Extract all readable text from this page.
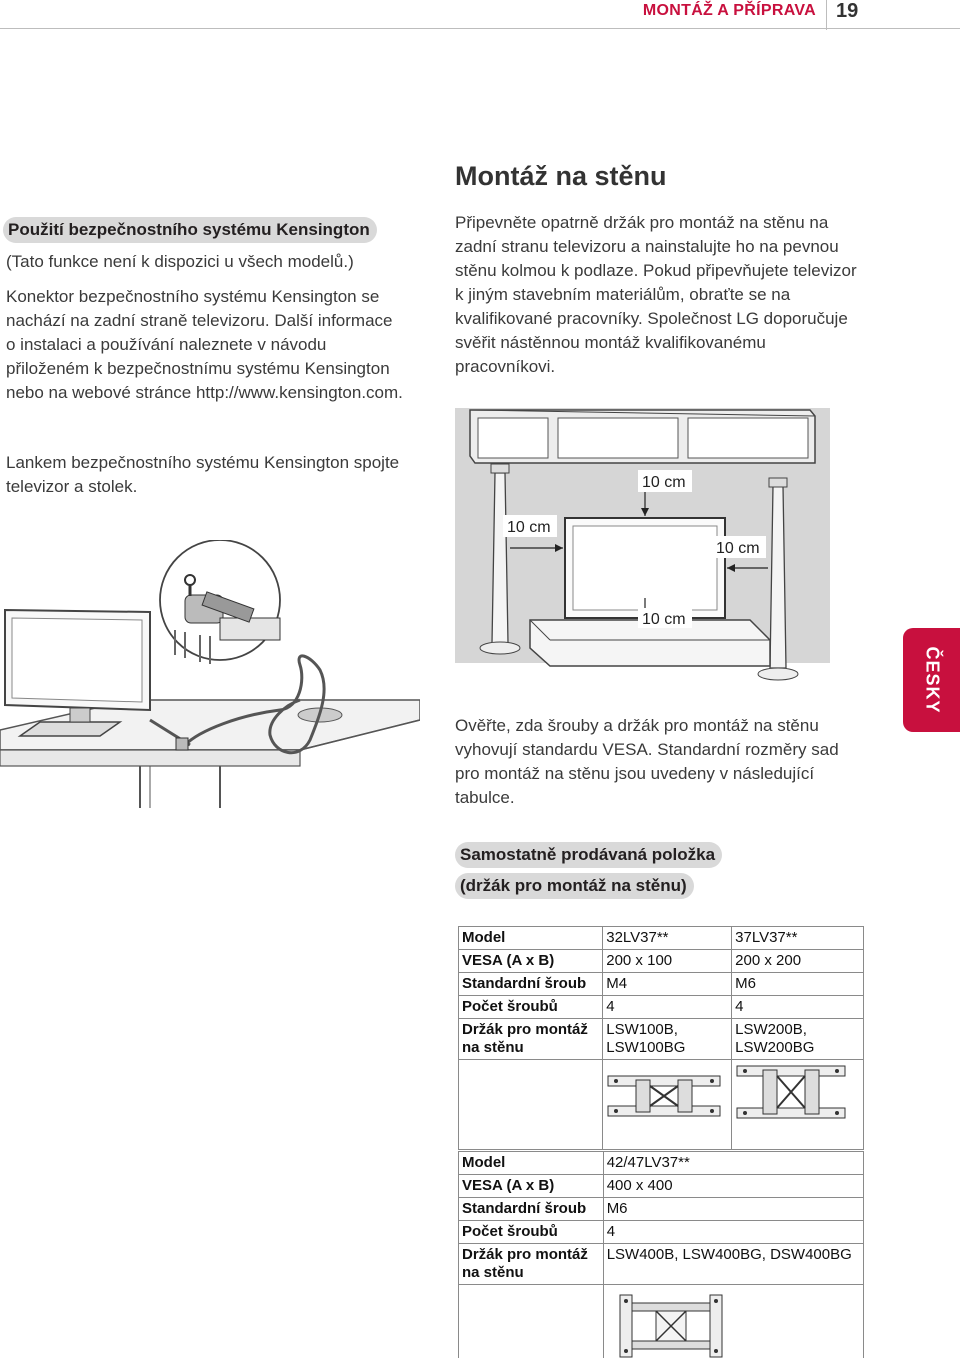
MONTÁŽ A PŘÍPRAVA 19
Použití bezpečnostního systému Kensington
(Tato funkce není k dispozici u všech modelů.)
Konektor bezpečnostního systému Kensington se nachází na zadní straně televizoru. Další informace o instalaci a používání naleznete v návodu přiloženém k bezpečnostnímu systému Kensington nebo na webové stránce http://www.kensington.com.
Lankem bezpečnostního systému Kensington spojte televizor a stolek.
Montáž na stěnu
Připevněte opatrně držák pro montáž na stěnu na zadní stranu televizoru a nainstalujte ho na pevnou stěnu kolmou k podlaze. Pokud připevňujete televizor k jiným stavebním materiálům, obraťte se na kvalifikované pracovníky. Společnost LG doporučuje svěřit nástěnnou montáž kvalifikovanému pracovníkovi.
10 cm
10 cm
10 cm
10 cm
Ověřte, zda šrouby a držák pro montáž na stěnu vyhovují standardu VESA. Standardní rozměry sad pro montáž na stěnu jsou uvedeny v následující tabulce.
Samostatně prodávaná položka
(držák pro montáž na stěnu)
ČESKY
Model	32LV37**	37LV37**
VESA (A x B)	200 x 100	200 x 200
Standardní šroub	M4	M6
Počet šroubů	4	4
Držák pro montáž na stěnu	LSW100B, LSW100BG	LSW200B, LSW200BG

Model	42/47LV37**
VESA (A x B)	400 x 400
Standardní šroub	M6
Počet šroubů	4
Držák pro montáž na stěnu	LSW400B, LSW400BG, DSW400BG
